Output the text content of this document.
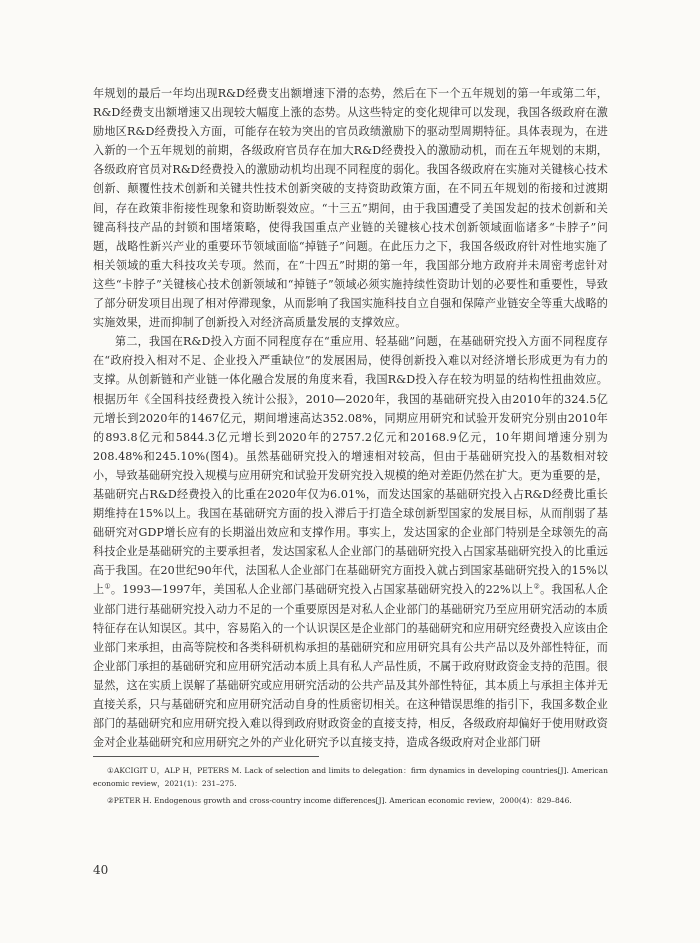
年规划的最后一年均出现R&D经费支出额增速下滑的态势，然后在下一个五年规划的第一年或第二年，R&D经费支出额增速又出现较大幅度上涨的态势。从这些特定的变化规律可以发现，我国各级政府在激励地区R&D经费投入方面，可能存在较为突出的官员政绩激励下的驱动型周期特征。具体表现为，在进入新的一个五年规划的前期，各级政府官员存在加大R&D经费投入的激励动机，而在五年规划的末期，各级政府官员对R&D经费投入的激励动机均出现不同程度的弱化。我国各级政府在实施对关键核心技术创新、颠覆性技术创新和关键共性技术创新突破的支持资助政策方面，在不同五年规划的衔接和过渡期间，存在政策非衔接性现象和资助断裂效应。“十三五”期间，由于我国遭受了美国发起的技术创新和关键高科技产品的封锁和围堵策略，使得我国重点产业链的关键核心技术创新领域面临诸多“卡脖子”问题，战略性新兴产业的重要环节领域面临“掉链子”问题。在此压力之下，我国各级政府针对性地实施了相关领域的重大科技攻关专项。然而，在“十四五”时期的第一年，我国部分地方政府并未周密考虑针对这些“卡脖子”关键核心技术创新领域和“掉链子”领域必须实施持续性资助计划的必要性和重要性，导致了部分研发项目出现了相对停滞现象，从而影响了我国实施科技自立自强和保障产业链安全等重大战略的实施效果，进而抑制了创新投入对经济高质量发展的支撑效应。

第二，我国在R&D投入方面不同程度存在“重应用、轻基础”问题，在基础研究投入方面不同程度存在“政府投入相对不足、企业投入严重缺位”的发展困局，使得创新投入难以对经济增长形成更为有力的支撑。从创新链和产业链一体化融合发展的角度来看，我国R&D投入存在较为明显的结构性扭曲效应。根据历年《全国科技经费投入统计公报》，2010—2020年，我国的基础研究投入由2010年的324.5亿元增长到2020年的1467亿元，期间增速高达352.08%，同期应用研究和试验开发研究分别由2010年的893.8亿元和5844.3亿元增长到2020年的2757.2亿元和20168.9亿元，10年期间增速分别为208.48%和245.10%(图4)。虽然基础研究投入的增速相对较高，但由于基础研究投入的基数相对较小，导致基础研究投入规模与应用研究和试验开发研究投入规模的绝对差距仍然在扩大。更为重要的是，基础研究占R&D经费投入的比重在2020年仅为6.01%，而发达国家的基础研究投入占R&D经费比重长期维持在15%以上。我国在基础研究方面的投入滞后于打造全球创新型国家的发展目标，从而削弱了基础研究对GDP增长应有的长期溢出效应和支撑作用。事实上，发达国家的企业部门特别是全球领先的高科技企业是基础研究的主要承担者，发达国家私人企业部门的基础研究投入占国家基础研究投入的比重远高于我国。在20世纪90年代，法国私人企业部门在基础研究方面投入就占到国家基础研究投入的15%以上①。1993—1997年，美国私人企业部门基础研究投入占国家基础研究投入的22%以上②。我国私人企业部门进行基础研究投入动力不足的一个重要原因是对私人企业部门的基础研究乃至应用研究活动的本质特征存在认知误区。其中，容易陷入的一个认识误区是企业部门的基础研究和应用研究经费投入应该由企业部门来承担，由高等院校和各类科研机构承担的基础研究和应用研究具有公共产品以及外部性特征，而企业部门承担的基础研究和应用研究活动本质上具有私人产品性质，不属于政府财政资金支持的范围。很显然，这在实质上误解了基础研究或应用研究活动的公共产品及其外部性特征，其本质上与承担主体并无直接关系，只与基础研究和应用研究活动自身的性质密切相关。在这种错误思维的指引下，我国多数企业部门的基础研究和应用研究投入难以得到政府财政资金的直接支持，相反，各级政府却偏好于使用财政资金对企业基础研究和应用研究之外的产业化研究予以直接支持，造成各级政府对企业部门研

①AKCIGIT U，ALP H，PETERS M. Lack of selection and limits to delegation：firm dynamics in developing countries[J]. American economic review，2021(1)：231–275.

②PETER H. Endogenous growth and cross-country income differences[J]. American economic review，2000(4)：829–846.

40
